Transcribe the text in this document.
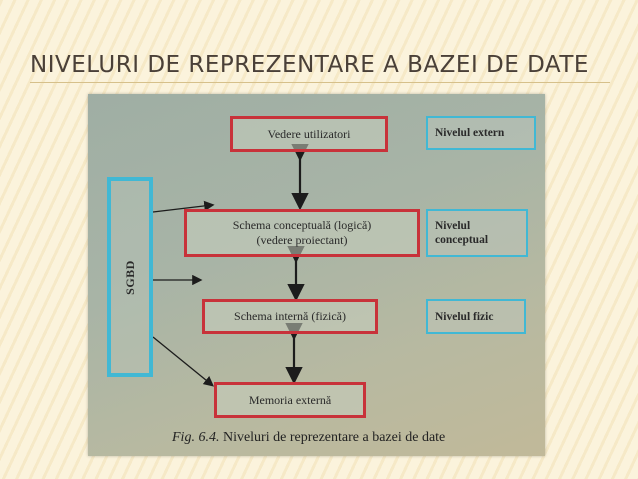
NIVELURI DE REPREZENTARE A BAZEI DE DATE
Vedere utilizatori
Schema conceptuală (logică)
(vedere proiectant)
Schema internă (fizică)
Memoria externă
Nivelul extern
Nivelul
conceptual
Nivelul fizic
SGBD
Fig. 6.4. Niveluri de reprezentare a bazei de date
